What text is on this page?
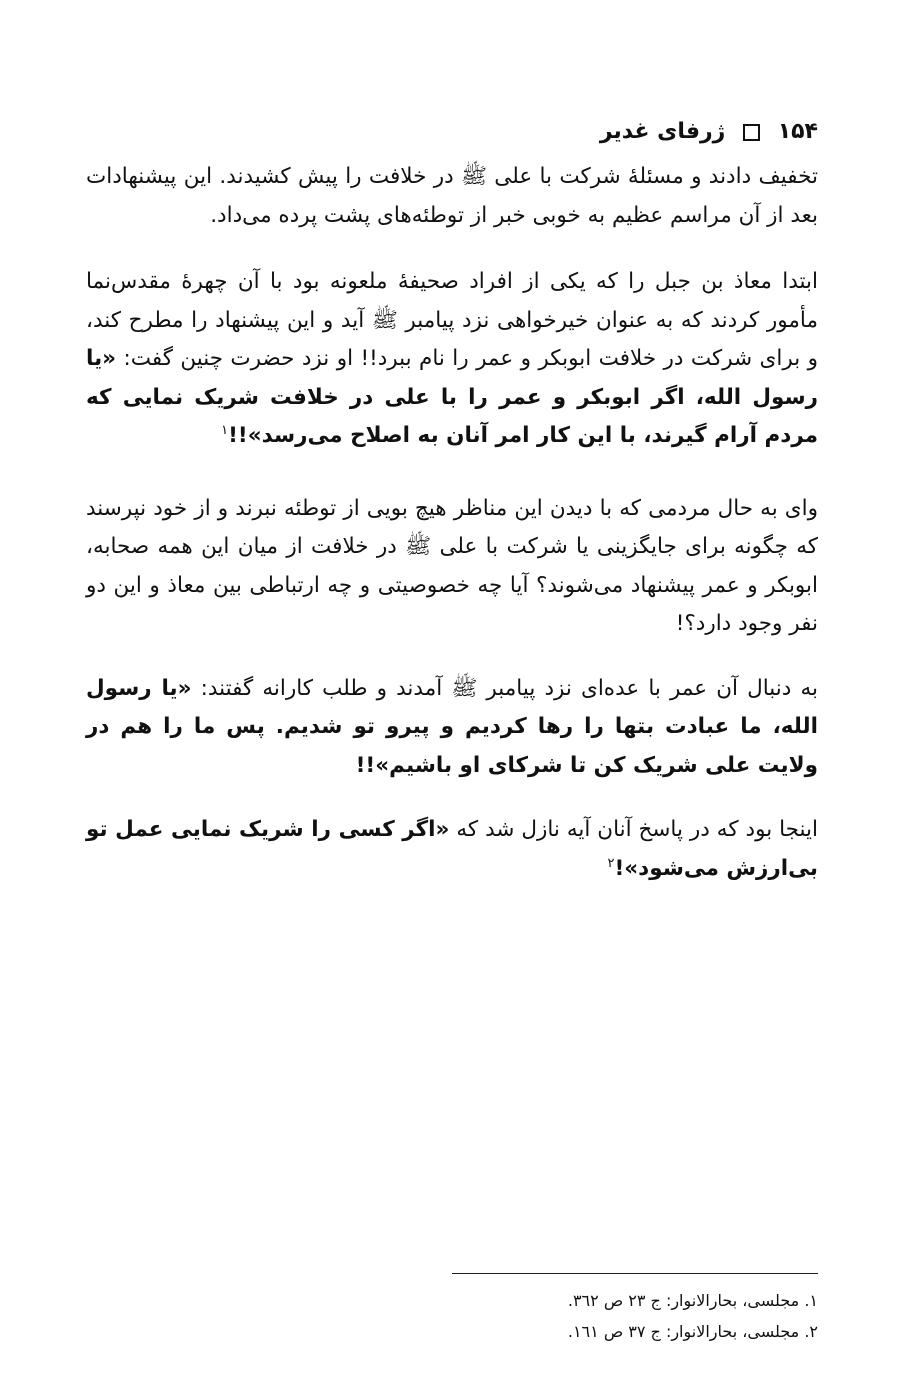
۱۵۴  ژرفای غدیر

تخفیف دادند و مسئلهٔ شرکت با علی ﷺ در خلافت را پیش کشیدند. این پیشنهادات بعد از آن مراسم عظیم به خوبی خبر از توطئه‌های پشت پرده می‌داد.

ابتدا معاذ بن جبل را که یکی از افراد صحیفهٔ ملعونه بود با آن چهرهٔ مقدس‌نما مأمور کردند که به عنوان خیرخواهی نزد پیامبر ﷺ آید و این پیشنهاد را مطرح کند، و برای شرکت در خلافت ابوبکر و عمر را نام ببرد!! او نزد حضرت چنین گفت: «یا رسول الله، اگر ابوبکر و عمر را با علی در خلافت شریک نمایی که مردم آرام گیرند، با این کار امر آنان به اصلاح می‌رسد»!!$^۱$

وای به حال مردمی که با دیدن این مناظر هیچ بویی از توطئه نبرند و از خود نپرسند که چگونه برای جایگزینی یا شرکت با علی ﷺ در خلافت از میان این همه صحابه، ابوبکر و عمر پیشنهاد می‌شوند؟ آیا چه خصوصیتی و چه ارتباطی بین معاذ و این دو نفر وجود دارد؟!

به دنبال آن عمر با عده‌ای نزد پیامبر ﷺ آمدند و طلب کارانه گفتند: «یا رسول الله، ما عبادت بتها را رها کردیم و پیرو تو شدیم. پس ما را هم در ولایت علی شریک کن تا شرکای او باشیم»!!

اینجا بود که در پاسخ آنان آیه نازل شد که «اگر کسی را شریک نمایی عمل تو بی‌ارزش می‌شود»!$^۲$

۱. مجلسی، بحارالانوار: ج ۲۳ ص ۳٦۲.
۲. مجلسی، بحارالانوار: ج ۳۷ ص ۱٦۱.
